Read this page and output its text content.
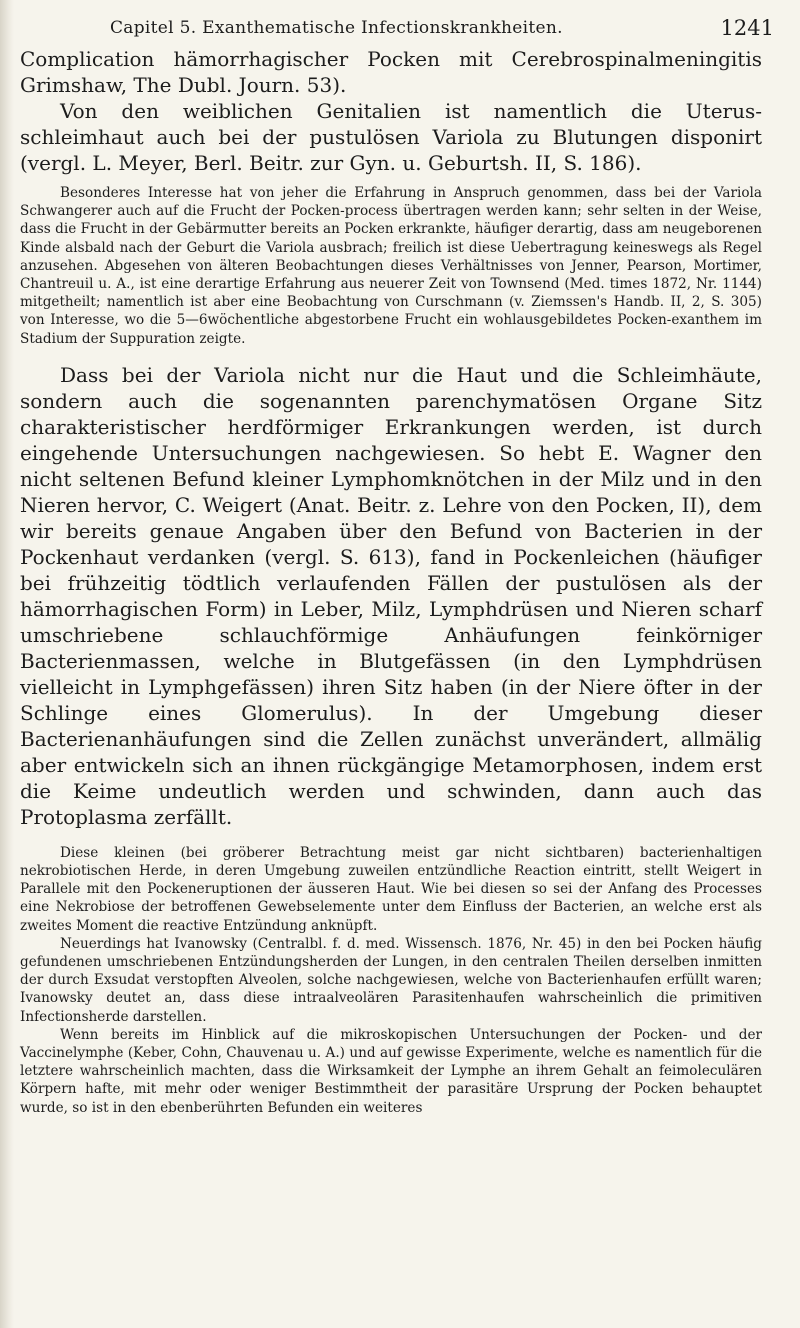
Capitel 5. Exanthematische Infectionskrankheiten.	1241

Complication hämorrhagischer Pocken mit Cerebrospinalmeningitis Grimshaw, The Dubl. Journ. 53).

Von den weiblichen Genitalien ist namentlich die Uterus-schleimhaut auch bei der pustulösen Variola zu Blutungen disponirt (vergl. L. Meyer, Berl. Beitr. zur Gyn. u. Geburtsh. II, S. 186).

Besonderes Interesse hat von jeher die Erfahrung in Anspruch genommen, dass bei der Variola Schwangerer auch auf die Frucht der Pocken-process übertragen werden kann; sehr selten in der Weise, dass die Frucht in der Gebärmutter bereits an Pocken erkrankte, häufiger derartig, dass am neugeborenen Kinde alsbald nach der Geburt die Variola ausbrach; freilich ist diese Uebertragung keineswegs als Regel anzusehen. Abgesehen von älteren Beobachtungen dieses Verhältnisses von Jenner, Pearson, Mortimer, Chantreuil u. A., ist eine derartige Erfahrung aus neuerer Zeit von Townsend (Med. times 1872, Nr. 1144) mitgetheilt; namentlich ist aber eine Beobachtung von Curschmann (v. Ziemssen's Handb. II, 2, S. 305) von Interesse, wo die 5—6wöchentliche abgestorbene Frucht ein wohlausgebildetes Pocken-exanthem im Stadium der Suppuration zeigte.

Dass bei der Variola nicht nur die Haut und die Schleimhäute, sondern auch die sogenannten parenchymatösen Organe Sitz charakteristischer herdförmiger Erkrankungen werden, ist durch eingehende Untersuchungen nachgewiesen. So hebt E. Wagner den nicht seltenen Befund kleiner Lymphomknötchen in der Milz und in den Nieren hervor, C. Weigert (Anat. Beitr. z. Lehre von den Pocken, II), dem wir bereits genaue Angaben über den Befund von Bacterien in der Pockenhaut verdanken (vergl. S. 613), fand in Pockenleichen (häufiger bei frühzeitig tödtlich verlaufenden Fällen der pustulösen als der hämorrhagischen Form) in Leber, Milz, Lymphdrüsen und Nieren scharf umschriebene schlauchförmige Anhäufungen feinkörniger Bacterienmassen, welche in Blutgefässen (in den Lymphdrüsen vielleicht in Lymphgefässen) ihren Sitz haben (in der Niere öfter in der Schlinge eines Glomerulus). In der Umgebung dieser Bacterienanhäufungen sind die Zellen zunächst unverändert, allmälig aber entwickeln sich an ihnen rückgängige Metamorphosen, indem erst die Keime undeutlich werden und schwinden, dann auch das Protoplasma zerfällt.

Diese kleinen (bei gröberer Betrachtung meist gar nicht sichtbaren) bacterienhaltigen nekrobiotischen Herde, in deren Umgebung zuweilen entzündliche Reaction eintritt, stellt Weigert in Parallele mit den Pockeneruptionen der äusseren Haut. Wie bei diesen so sei der Anfang des Processes eine Nekrobiose der betroffenen Gewebselemente unter dem Einfluss der Bacterien, an welche erst als zweites Moment die reactive Entzündung anknüpft.

Neuerdings hat Ivanowsky (Centralbl. f. d. med. Wissensch. 1876, Nr. 45) in den bei Pocken häufig gefundenen umschriebenen Entzündungsherden der Lungen, in den centralen Theilen derselben inmitten der durch Exsudat verstopften Alveolen, solche nachgewiesen, welche von Bacterienhaufen erfüllt waren; Ivanowsky deutet an, dass diese intraalveolären Parasitenhaufen wahrscheinlich die primitiven Infectionsherde darstellen.

Wenn bereits im Hinblick auf die mikroskopischen Untersuchungen der Pocken- und der Vaccinelymphe (Keber, Cohn, Chauvenau u. A.) und auf gewisse Experimente, welche es namentlich für die letztere wahrscheinlich machten, dass die Wirksamkeit der Lymphe an ihrem Gehalt an feimoleculären Körpern hafte, mit mehr oder weniger Bestimmtheit der parasitäre Ursprung der Pocken behauptet wurde, so ist in den ebenberührten Befunden ein weiteres
